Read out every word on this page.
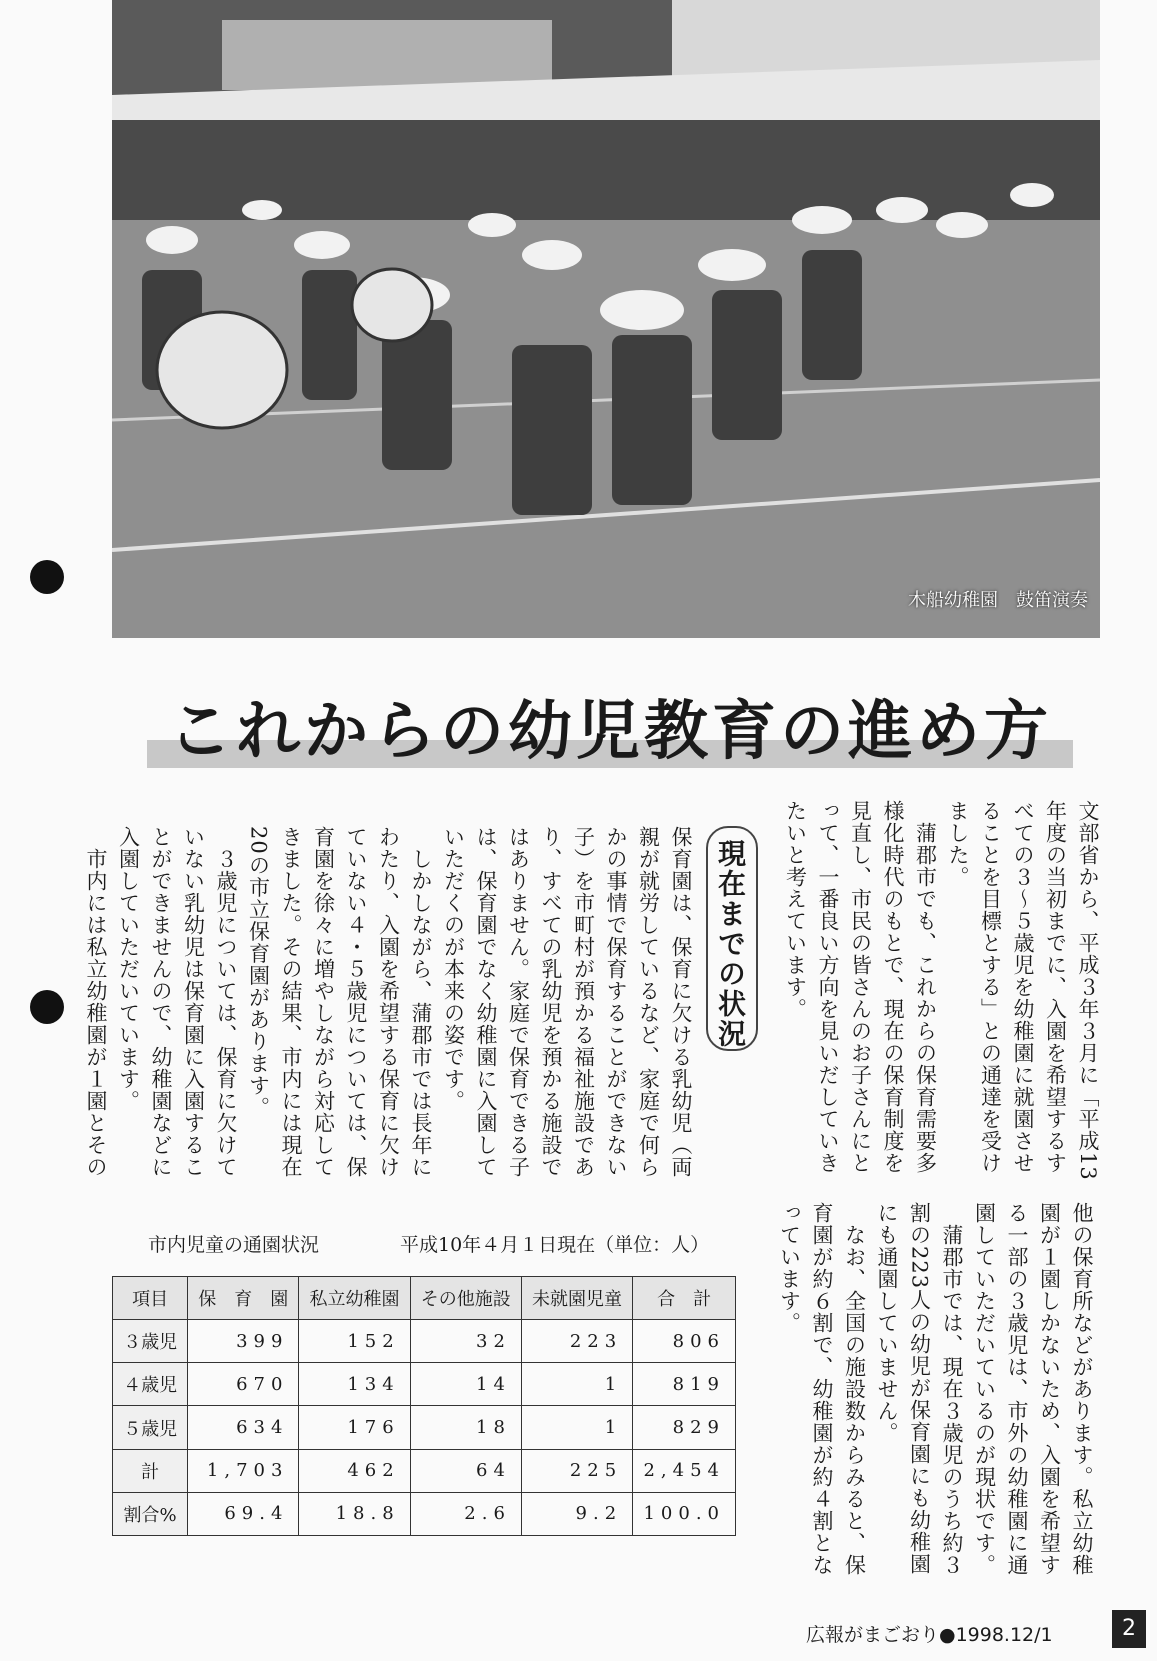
木船幼稚園　鼓笛演奏
これからの幼児教育の進め方
文部省から、平成３年３月に「平成13年度の当初までに、入園を希望するすべての３～５歳児を幼稚園に就園させることを目標とする」との通達を受けました。
　蒲郡市でも、これからの保育需要多様化時代のもとで、現在の保育制度を見直し、市民の皆さんのお子さんにとって、一番良い方向を見いだしていきたいと考えています。
現在までの状況
保育園は、保育に欠ける乳幼児（両親が就労しているなど、家庭で何らかの事情で保育することができない子）を市町村が預かる福祉施設であり、すべての乳幼児を預かる施設ではありません。家庭で保育できる子は、保育園でなく幼稚園に入園していただくのが本来の姿です。
　しかしながら、蒲郡市では長年にわたり、入園を希望する保育に欠けていない４・５歳児については、保育園を徐々に増やしながら対応してきました。その結果、市内には現在20の市立保育園があります。
　３歳児については、保育に欠けていない乳幼児は保育園に入園することができませんので、幼稚園などに入園していただいています。
　市内には私立幼稚園が１園とその
他の保育所などがあります。私立幼稚園が１園しかないため、入園を希望する一部の３歳児は、市外の幼稚園に通園していただいているのが現状です。
　蒲郡市では、現在３歳児のうち約３割の223人の幼児が保育園にも幼稚園にも通園していません。
　なお、全国の施設数からみると、保育園が約６割で、幼稚園が約４割となっています。
市内児童の通園状況	平成10年４月１日現在（単位：人）
項目	保　育　園	私立幼稚園	その他施設	未就園児童	合　計
３歳児	399	152	32	223	806
４歳児	670	134	14	1	819
５歳児	634	176	18	1	829
計	1,703	462	64	225	2,454
割合%	69.4	18.8	2.6	9.2	100.0
広報がまごおり●1998.12/1	2
